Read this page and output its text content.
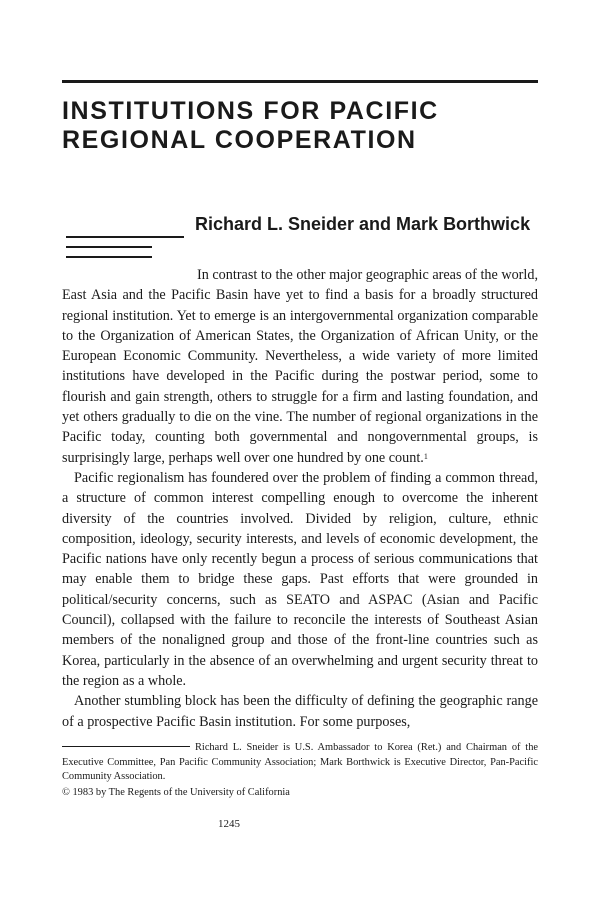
INSTITUTIONS FOR PACIFIC
REGIONAL COOPERATION

Richard L. Sneider and Mark Borthwick

In contrast to the other major geographic areas of the world, East Asia and the Pacific Basin have yet to find a basis for a broadly structured regional institution. Yet to emerge is an intergovernmental organization comparable to the Organization of American States, the Organization of African Unity, or the European Economic Community. Nevertheless, a wide variety of more limited institutions have developed in the Pacific during the postwar period, some to flourish and gain strength, others to struggle for a firm and lasting foundation, and yet others gradually to die on the vine. The number of regional organizations in the Pacific today, counting both governmental and nongovernmental groups, is surprisingly large, perhaps well over one hundred by one count.$^1$

Pacific regionalism has foundered over the problem of finding a common thread, a structure of common interest compelling enough to overcome the inherent diversity of the countries involved. Divided by religion, culture, ethnic composition, ideology, security interests, and levels of economic development, the Pacific nations have only recently begun a process of serious communications that may enable them to bridge these gaps. Past efforts that were grounded in political/security concerns, such as SEATO and ASPAC (Asian and Pacific Council), collapsed with the failure to reconcile the interests of Southeast Asian members of the nonaligned group and those of the front-line countries such as Korea, particularly in the absence of an overwhelming and urgent security threat to the region as a whole.

Another stumbling block has been the difficulty of defining the geographic range of a prospective Pacific Basin institution. For some purposes,

Richard L. Sneider is U.S. Ambassador to Korea (Ret.) and Chairman of the Executive Committee, Pan Pacific Community Association; Mark Borthwick is Executive Director, Pan-Pacific Community Association.

© 1983 by The Regents of the University of California
1245
